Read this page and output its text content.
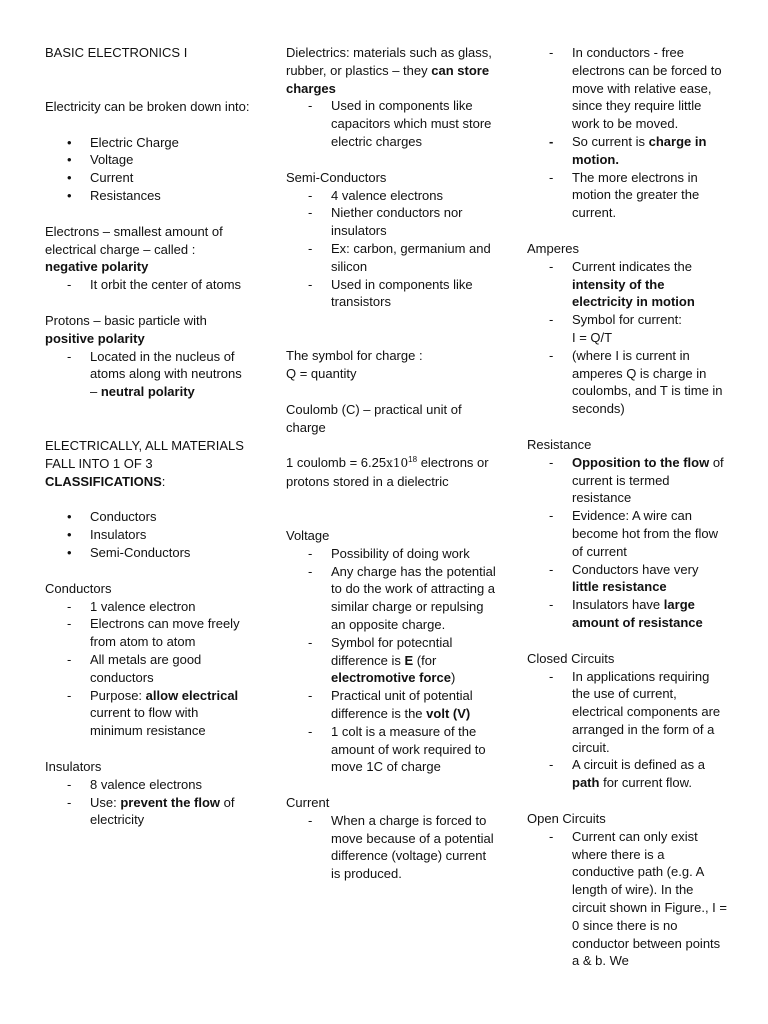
BASIC ELECTRONICS I

Electricity can be broken down into:

• Electric Charge
• Voltage
• Current
• Resistances

Electrons – smallest amount of electrical charge – called : negative polarity

- It orbit the center of atoms

Protons – basic particle with positive polarity

- Located in the nucleus of atoms along with neutrons – neutral polarity

ELECTRICALLY, ALL MATERIALS FALL INTO 1 OF 3 CLASSIFICATIONS:

• Conductors
• Insulators
• Semi-Conductors

Conductors

- 1 valence electron
- Electrons can move freely from atom to atom
- All metals are good conductors
- Purpose: allow electrical current to flow with minimum resistance

Insulators

- 8 valence electrons
- Use: prevent the flow of electricity

Dielectrics: materials such as glass, rubber, or plastics – they can store charges

- Used in components like capacitors which must store electric charges

Semi-Conductors

- 4 valence electrons
- Niether conductors nor insulators
- Ex: carbon, germanium and silicon
- Used in components like transistors

The symbol for charge :

Q = quantity

Coulomb (C) – practical unit of charge

1 coulomb = $6.25x10^{18}$ electrons or protons stored in a dielectric

Voltage

- Possibility of doing work
- Any charge has the potential to do the work of attracting a similar charge or repulsing an opposite charge.
- Symbol for potecntial difference is E (for electromotive force)
- Practical unit of potential difference is the volt (V)
- 1 colt is a measure of the amount of work required to move 1C of charge

Current

- When a charge is forced to move because of a potential difference (voltage) current is produced.
- In conductors - free electrons can be forced to move with relative ease, since they require little work to be moved.
- So current is charge in motion.
- The more electrons in motion the greater the current.

Amperes

- Current indicates the intensity of the electricity in motion
- Symbol for current:
I = Q/T
- (where I is current in amperes Q is charge in coulombs, and T is time in seconds)

Resistance

- Opposition to the flow of current is termed resistance
- Evidence: A wire can become hot from the flow of current
- Conductors have very little resistance
- Insulators have large amount of resistance

Closed Circuits

- In applications requiring the use of current, electrical components are arranged in the form of a circuit.
- A circuit is defined as a path for current flow.

Open Circuits

- Current can only exist where there is a conductive path (e.g. A length of wire). In the circuit shown in Figure., I = 0 since there is no conductor between points a & b. We
